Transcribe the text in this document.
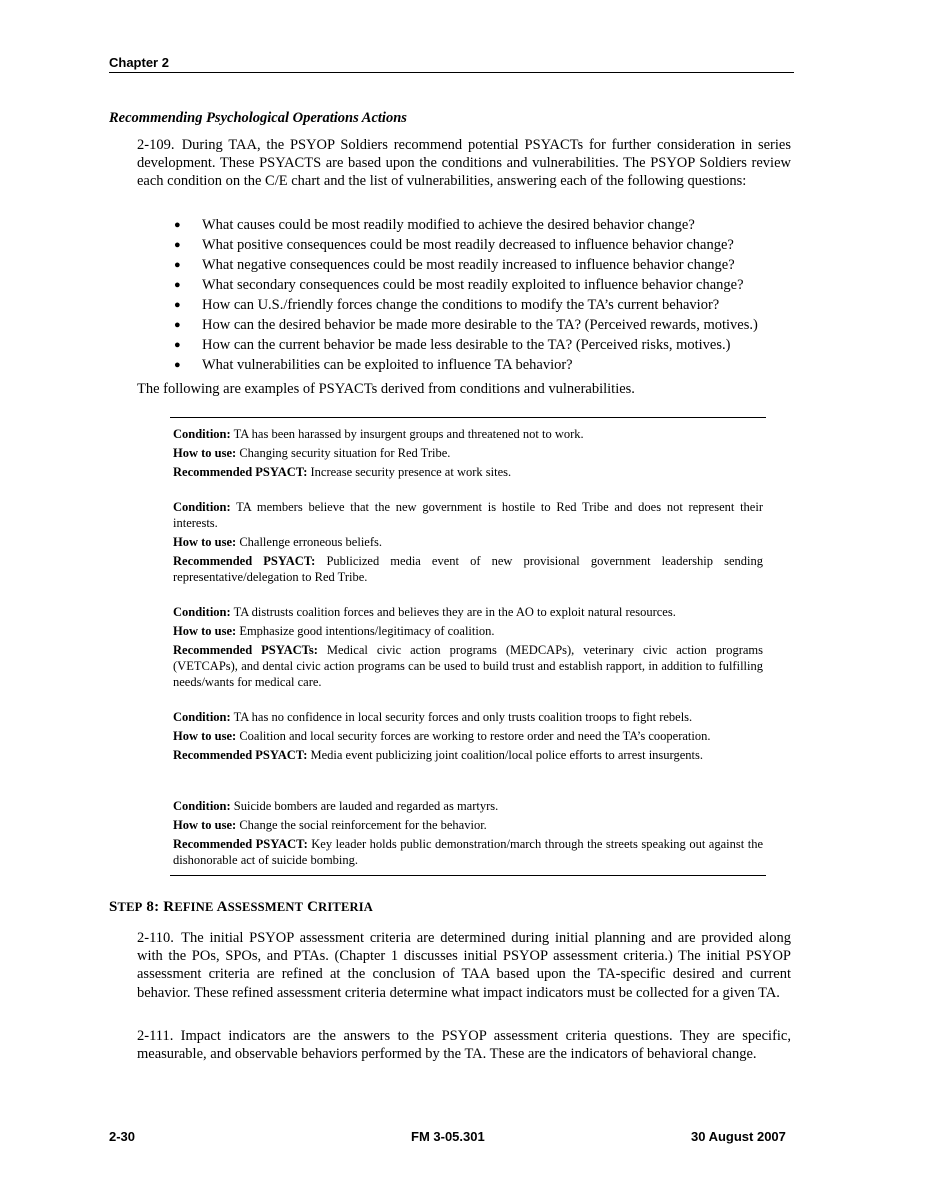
Chapter 2
Recommending Psychological Operations Actions

2-109. During TAA, the PSYOP Soldiers recommend potential PSYACTs for further consideration in series development. These PSYACTS are based upon the conditions and vulnerabilities. The PSYOP Soldiers review each condition on the C/E chart and the list of vulnerabilities, answering each of the following questions:

● What causes could be most readily modified to achieve the desired behavior change?
● What positive consequences could be most readily decreased to influence behavior change?
● What negative consequences could be most readily increased to influence behavior change?
● What secondary consequences could be most readily exploited to influence behavior change?
● How can U.S./friendly forces change the conditions to modify the TA’s current behavior?
● How can the desired behavior be made more desirable to the TA? (Perceived rewards, motives.)
● How can the current behavior be made less desirable to the TA? (Perceived risks, motives.)
● What vulnerabilities can be exploited to influence TA behavior?
The following are examples of PSYACTs derived from conditions and vulnerabilities.

Condition: TA has been harassed by insurgent groups and threatened not to work.

How to use: Changing security situation for Red Tribe.

Recommended PSYACT: Increase security presence at work sites.

Condition: TA members believe that the new government is hostile to Red Tribe and does not represent their interests.

How to use: Challenge erroneous beliefs.

Recommended PSYACT: Publicized media event of new provisional government leadership sending representative/delegation to Red Tribe.

Condition: TA distrusts coalition forces and believes they are in the AO to exploit natural resources.

How to use: Emphasize good intentions/legitimacy of coalition.

Recommended PSYACTs: Medical civic action programs (MEDCAPs), veterinary civic action programs (VETCAPs), and dental civic action programs can be used to build trust and establish rapport, in addition to fulfilling needs/wants for medical care.

Condition: TA has no confidence in local security forces and only trusts coalition troops to fight rebels.

How to use: Coalition and local security forces are working to restore order and need the TA’s cooperation.

Recommended PSYACT: Media event publicizing joint coalition/local police efforts to arrest insurgents.

Condition: Suicide bombers are lauded and regarded as martyrs.

How to use: Change the social reinforcement for the behavior.

Recommended PSYACT: Key leader holds public demonstration/march through the streets speaking out against the dishonorable act of suicide bombing.

STEP 8: REFINE ASSESSMENT CRITERIA

2-110. The initial PSYOP assessment criteria are determined during initial planning and are provided along with the POs, SPOs, and PTAs. (Chapter 1 discusses initial PSYOP assessment criteria.) The initial PSYOP assessment criteria are refined at the conclusion of TAA based upon the TA-specific desired and current behavior. These refined assessment criteria determine what impact indicators must be collected for a given TA.

2-111. Impact indicators are the answers to the PSYOP assessment criteria questions. They are specific, measurable, and observable behaviors performed by the TA. These are the indicators of behavioral change.

2-30	FM 3-05.301	30 August 2007
